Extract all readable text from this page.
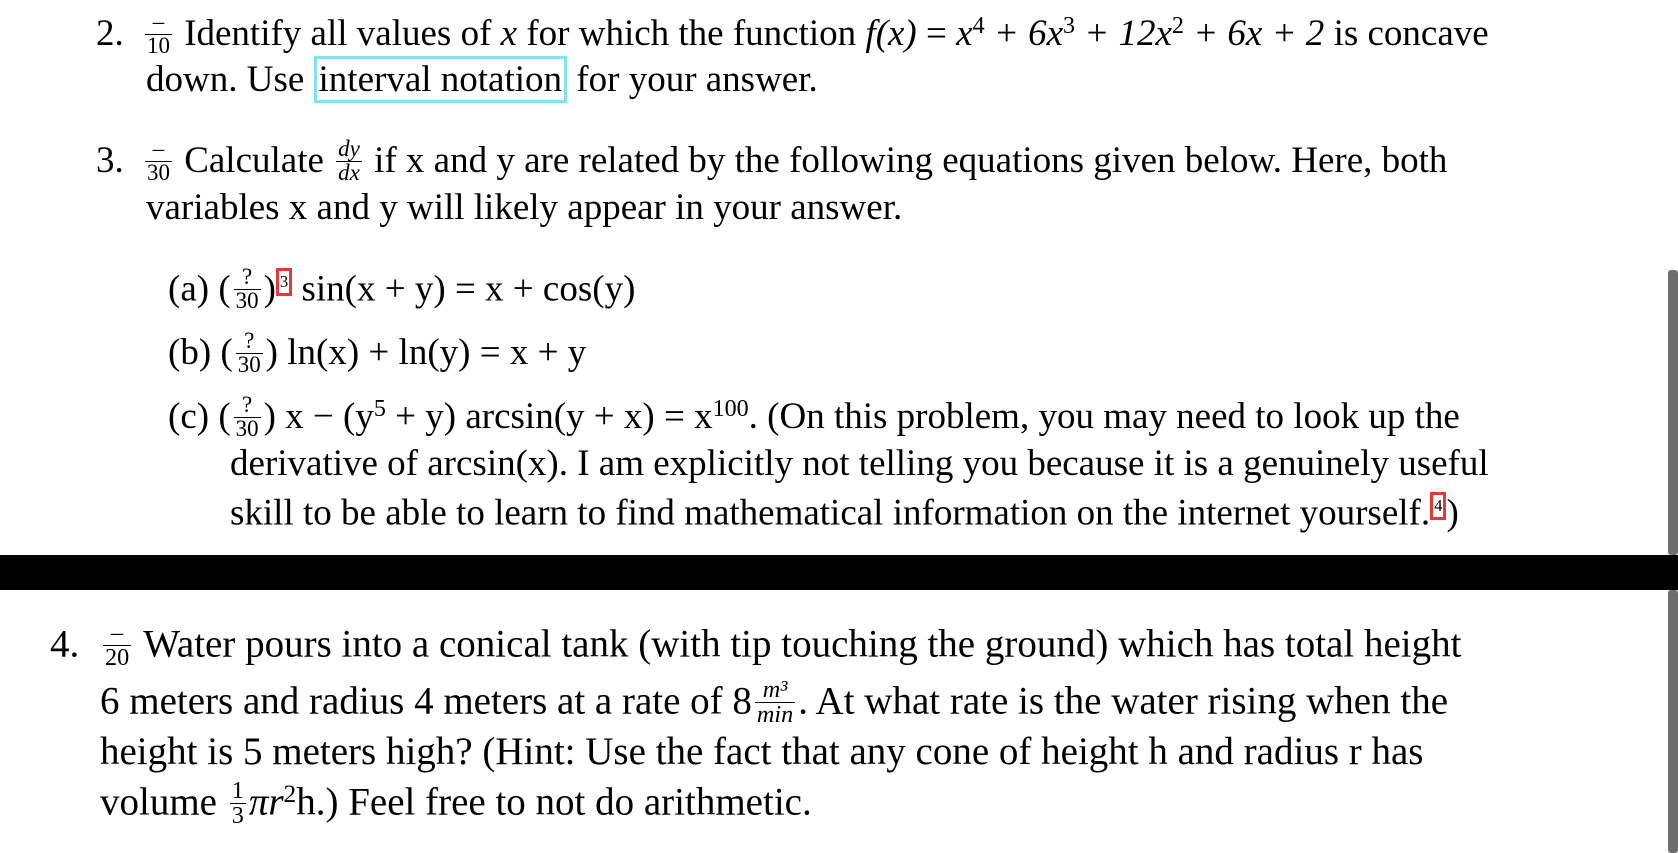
2. $\frac{-}{10}$ Identify all values of x for which the function $f(x) = x^4 + 6x^3 + 12x^2 + 6x + 2$ is concave
down. Use interval notation for your answer.
3. $\frac{-}{30}$ Calculate $\frac{dy}{dx}$ if x and y are related by the following equations given below. Here, both
variables x and y will likely appear in your answer.
(a) ( $\frac{?}{30}$ ) 3 sin(x + y) = x + cos(y)
(b) ( $\frac{?}{30}$ ) ln(x) + ln(y) = x + y
(c) ( $\frac{?}{30}$ ) $x - (y^5 + y) \arcsin(y + x) = x^{100}$. (On this problem, you may need to look up the
derivative of arcsin(x). I am explicitly not telling you because it is a genuinely useful
skill to be able to learn to find mathematical information on the internet yourself. 4 )
4. $\frac{-}{20}$ Water pours into a conical tank (with tip touching the ground) which has total height
6 meters and radius 4 meters at a rate of $8 \frac{\text{m³}}{\min}$ . At what rate is the water rising when the
height is 5 meters high? (Hint: Use the fact that any cone of height h and radius r has
volume $\frac{1}{3} \pi r^2h$.) Feel free to not do arithmetic.
